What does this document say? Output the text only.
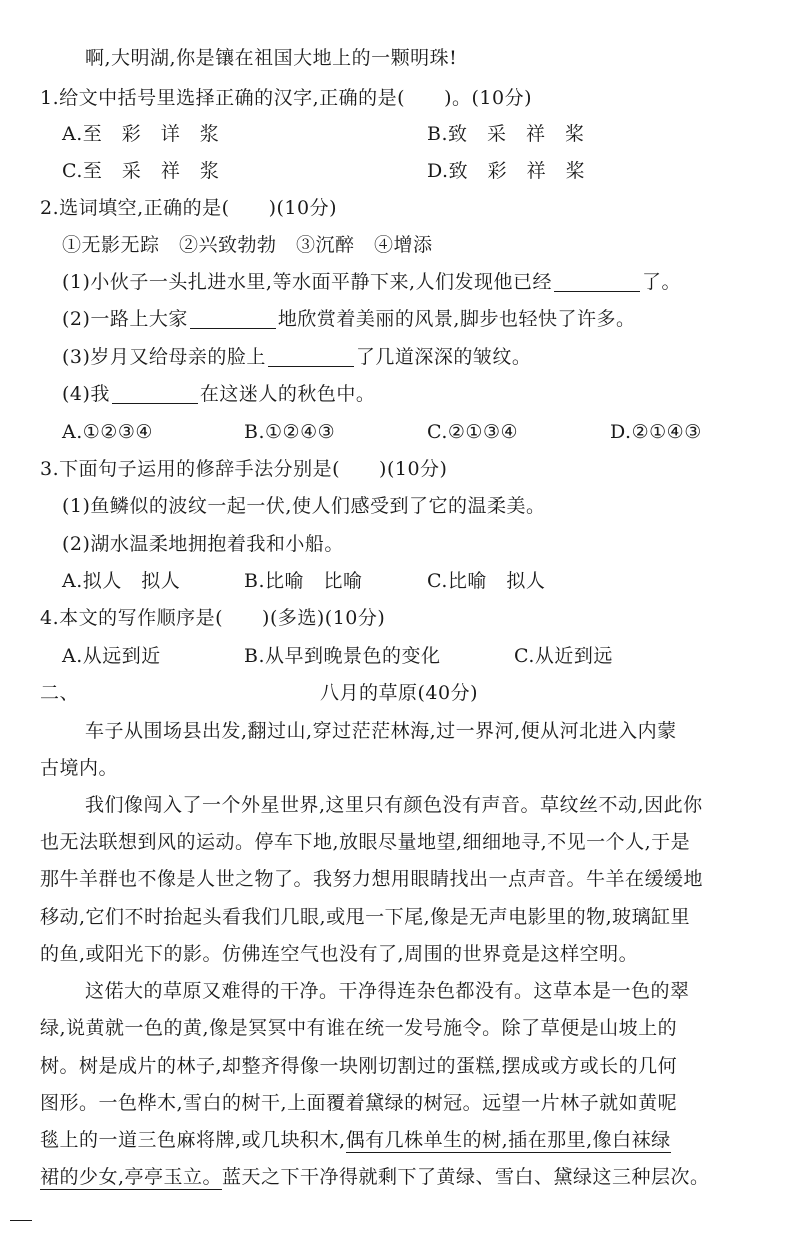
啊,大明湖,你是镶在祖国大地上的一颗明珠!
1.给文中括号里选择正确的汉字,正确的是(　　)。(10分)
A.至　彩　详　浆	B.致　采　祥　桨
C.至　采　祥　浆	D.致　彩　祥　桨
2.选词填空,正确的是(　　)(10分)
①无影无踪　②兴致勃勃　③沉醉　④增添
(1)小伙子一头扎进水里,等水面平静下来,人们发现他已经	了。
(2)一路上大家	地欣赏着美丽的风景,脚步也轻快了许多。
(3)岁月又给母亲的脸上	了几道深深的皱纹。
(4)我	在这迷人的秋色中。
A.①②③④	B.①②④③	C.②①③④	D.②①④③
3.下面句子运用的修辞手法分别是(　　)(10分)
(1)鱼鳞似的波纹一起一伏,使人们感受到了它的温柔美。
(2)湖水温柔地拥抱着我和小船。
A.拟人　拟人	B.比喻　比喻	C.比喻　拟人
4.本文的写作顺序是(　　)(多选)(10分)
A.从远到近	B.从早到晚景色的变化	C.从近到远
二、	八月的草原(40分)
车子从围场县出发,翻过山,穿过茫茫林海,过一界河,便从河北进入内蒙
古境内。
我们像闯入了一个外星世界,这里只有颜色没有声音。草纹丝不动,因此你
也无法联想到风的运动。停车下地,放眼尽量地望,细细地寻,不见一个人,于是
那牛羊群也不像是人世之物了。我努力想用眼睛找出一点声音。牛羊在缓缓地
移动,它们不时抬起头看我们几眼,或甩一下尾,像是无声电影里的物,玻璃缸里
的鱼,或阳光下的影。仿佛连空气也没有了,周围的世界竟是这样空明。
这偌大的草原又难得的干净。干净得连杂色都没有。这草本是一色的翠
绿,说黄就一色的黄,像是冥冥中有谁在统一发号施令。除了草便是山坡上的
树。树是成片的林子,却整齐得像一块刚切割过的蛋糕,摆成或方或长的几何
图形。一色桦木,雪白的树干,上面覆着黛绿的树冠。远望一片林子就如黄呢
毯上的一道三色麻将牌,或几块积木,偶有几株单生的树,插在那里,像白袜绿
裙的少女,亭亭玉立。蓝天之下干净得就剩下了黄绿、雪白、黛绿这三种层次。
